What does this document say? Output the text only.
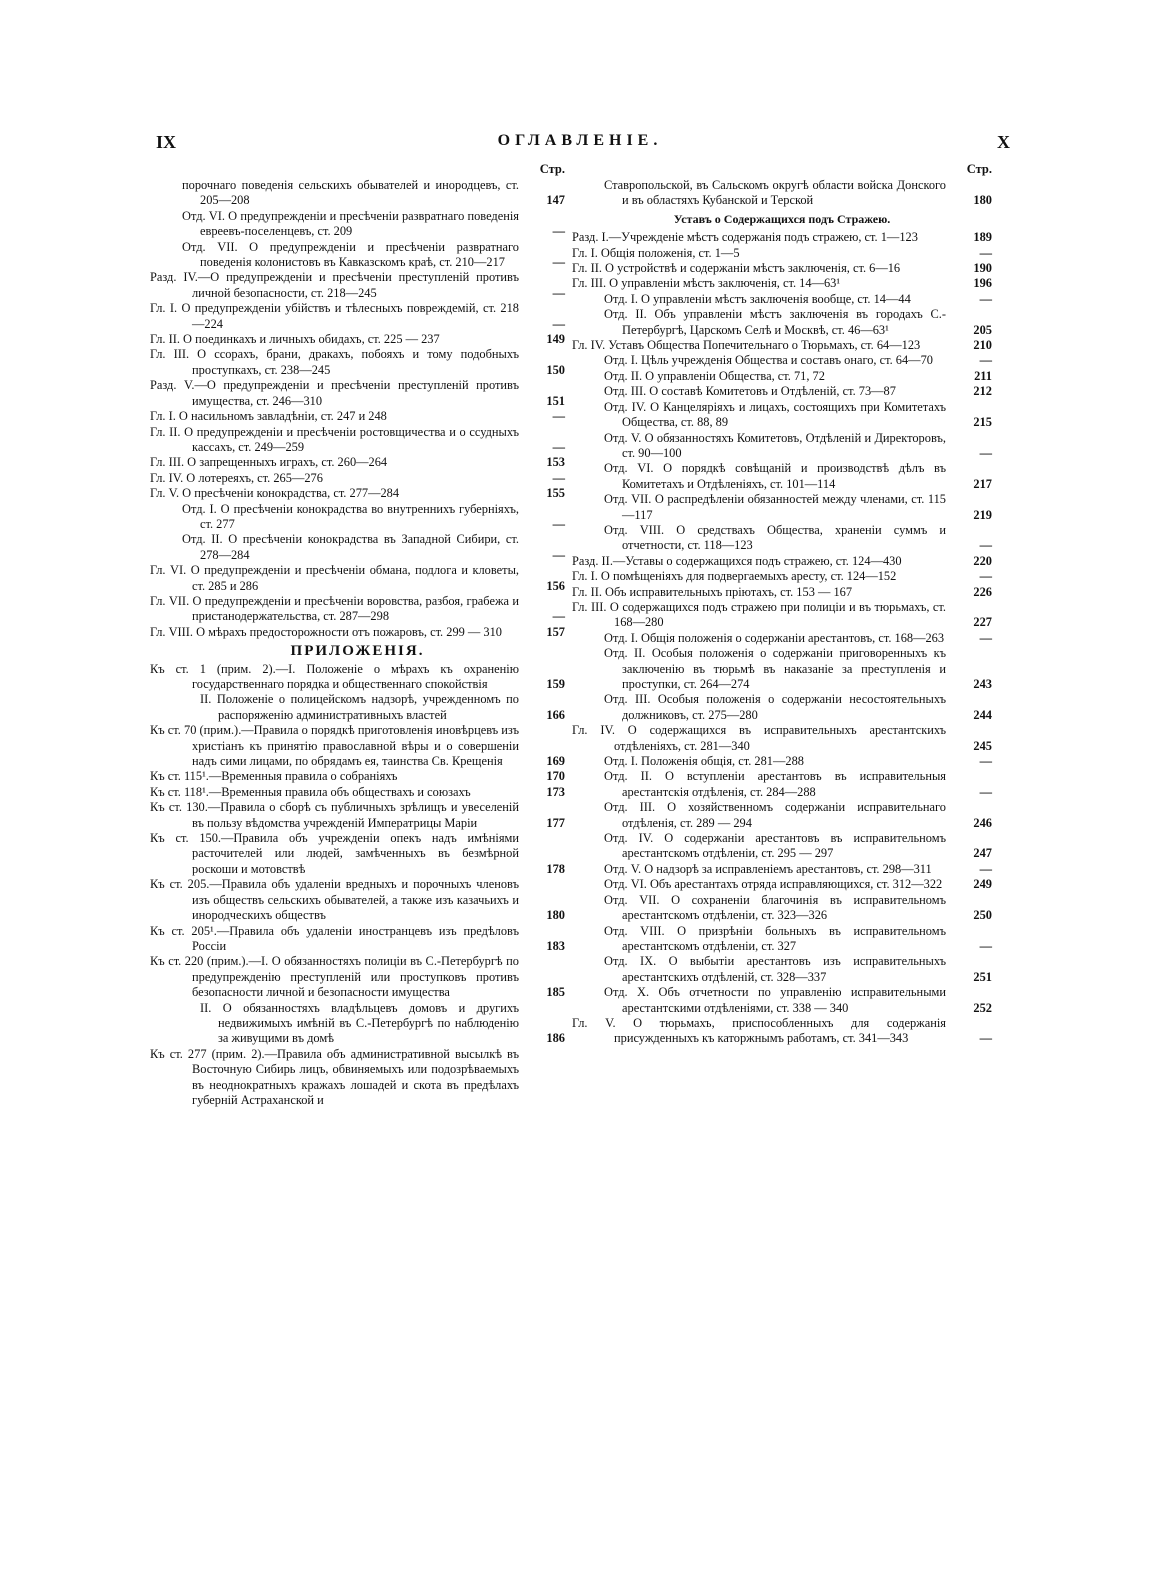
IX	ОГЛАВЛЕНІЕ.	X
Стр.
порочнаго поведенія сельскихъ обывателей и инородцевъ, ст. 205—208	147
Отд. VI. О предупрежденіи и пресѣченіи развратнаго поведенія евреевъ-поселенцевъ, ст. 209	—
Отд. VII. О предупрежденіи и пресѣченіи развратнаго поведенія колонистовъ въ Кавказскомъ краѣ, ст. 210—217	—
Разд. IV.—О предупрежденіи и пресѣченіи преступленій противъ личной безопасности, ст. 218—245	—
Гл. I. О предупрежденіи убійствъ и тѣлесныхъ повреждемій, ст. 218—224	—
Гл. II. О поединкахъ и личныхъ обидахъ, ст. 225 — 237	149
Гл. III. О ссорахъ, брани, дракахъ, побояхъ и тому подобныхъ проступкахъ, ст. 238—245	150
Разд. V.—О предупрежденіи и пресѣченіи преступленій противъ имущества, ст. 246—310	151
Гл. I. О насильномъ завладѣніи, ст. 247 и 248	—
Гл. II. О предупрежденіи и пресѣченіи ростовщичества и о ссудныхъ кассахъ, ст. 249—259	—
Гл. III. О запрещенныхъ играхъ, ст. 260—264	153
Гл. IV. О лотереяхъ, ст. 265—276	—
Гл. V. О пресѣченіи конокрадства, ст. 277—284	155
Отд. I. О пресѣченіи конокрадства во внутреннихъ губерніяхъ, ст. 277	—
Отд. II. О пресѣченіи конокрадства въ Западной Сибири, ст. 278—284	—
Гл. VI. О предупрежденіи и пресѣченіи обмана, подлога и кловеты, ст. 285 и 286	156
Гл. VII. О предупрежденіи и пресѣченіи воровства, разбоя, грабежа и пристанодержательства, ст. 287—298	—
Гл. VIII. О мѣрахъ предосторожности отъ пожаровъ, ст. 299 — 310	157
ПРИЛОЖЕНІЯ.
Къ ст. 1 (прим. 2).—I. Положеніе о мѣрахъ къ охраненію государственнаго порядка и общественнаго спокойствія	159
II. Положеніе о полицейскомъ надзорѣ, учрежденномъ по распоряженію административныхъ властей	166
Къ ст. 70 (прим.).—Правила о порядкѣ приготовленія иновѣрцевъ изъ христіанъ къ принятію православной вѣры и о совершеніи надъ сими лицами, по обрядамъ ея, таинства Св. Крещенія	169
Къ ст. 115¹.—Временныя правила о собраніяхъ	170
Къ ст. 118¹.—Временныя правила объ обществахъ и союзахъ	173
Къ ст. 130.—Правила о сборѣ съ публичныхъ зрѣлищъ и увеселеній въ пользу вѣдомства учрежденій Императрицы Маріи	177
Къ ст. 150.—Правила объ учрежденіи опекъ надъ имѣніями расточителей или людей, замѣченныхъ въ безмѣрной роскоши и мотовствѣ	178
Къ ст. 205.—Правила объ удаленіи вредныхъ и порочныхъ членовъ изъ обществъ сельскихъ обывателей, а также изъ казачьихъ и инородческихъ обществъ	180
Къ ст. 205¹.—Правила объ удаленіи иностранцевъ изъ предѣловъ Россіи	183
Къ ст. 220 (прим.).—I. О обязанностяхъ полиціи въ С.-Петербургѣ по предупрежденію преступленій или проступковъ противъ безопасности личной и безопасности имущества	185
II. О обязанностяхъ владѣльцевъ домовъ и другихъ недвижимыхъ имѣній въ С.-Петербургѣ по наблюденію за живущими въ домѣ	186
Къ ст. 277 (прим. 2).—Правила объ административной высылкѣ въ Восточную Сибирь лицъ, обвиняемыхъ или подозрѣваемыхъ въ неоднократныхъ кражахъ лошадей и скота въ предѣлахъ губерній Астраханской и
Стр.
Ставропольской, въ Сальскомъ округѣ области войска Донского и въ областяхъ Кубанской и Терской	180
Уставъ о Содержащихся подъ Стражею.
Разд. I.—Учрежденіе мѣстъ содержанія подъ стражею, ст. 1—123	189
Гл. I. Общія положенія, ст. 1—5	—
Гл. II. О устройствѣ и содержаніи мѣстъ заключенія, ст. 6—16	190
Гл. III. О управленіи мѣстъ заключенія, ст. 14—63¹	196
Отд. I. О управленіи мѣстъ заключенія вообще, ст. 14—44	—
Отд. II. Объ управленіи мѣстъ заключенія въ городахъ С.-Петербургѣ, Царскомъ Селѣ и Москвѣ, ст. 46—63¹	205
Гл. IV. Уставъ Общества Попечительнаго о Тюрьмахъ, ст. 64—123	210
Отд. I. Цѣль учрежденія Общества и составъ онаго, ст. 64—70	—
Отд. II. О управленіи Общества, ст. 71, 72	211
Отд. III. О составѣ Комитетовъ и Отдѣленій, ст. 73—87	212
Отд. IV. О Канцеляріяхъ и лицахъ, состоящихъ при Комитетахъ Общества, ст. 88, 89	215
Отд. V. О обязанностяхъ Комитетовъ, Отдѣленій и Директоровъ, ст. 90—100	—
Отд. VI. О порядкѣ совѣщаній и производствѣ дѣлъ въ Комитетахъ и Отдѣленіяхъ, ст. 101—114	217
Отд. VII. О распредѣленіи обязанностей между членами, ст. 115—117	219
Отд. VIII. О средствахъ Общества, храненіи суммъ и отчетности, ст. 118—123	—
Разд. II.—Уставы о содержащихся подъ стражею, ст. 124—430	220
Гл. I. О помѣщеніяхъ для подвергаемыхъ аресту, ст. 124—152	—
Гл. II. Объ исправительныхъ пріютахъ, ст. 153 — 167	226
Гл. III. О содержащихся подъ стражею при полиціи и въ тюрьмахъ, ст. 168—280	227
Отд. I. Общія положенія о содержаніи арестантовъ, ст. 168—263	—
Отд. II. Особыя положенія о содержаніи приговоренныхъ къ заключенію въ тюрьмѣ въ наказаніе за преступленія и проступки, ст. 264—274	243
Отд. III. Особыя положенія о содержаніи несостоятельныхъ должниковъ, ст. 275—280	244
Гл. IV. О содержащихся въ исправительныхъ арестантскихъ отдѣленіяхъ, ст. 281—340	245
Отд. I. Положенія общія, ст. 281—288	—
Отд. II. О вступленіи арестантовъ въ исправительныя арестантскія отдѣленія, ст. 284—288	—
Отд. III. О хозяйственномъ содержаніи исправительнаго отдѣленія, ст. 289 — 294	246
Отд. IV. О содержаніи арестантовъ въ исправительномъ арестантскомъ отдѣленіи, ст. 295 — 297	247
Отд. V. О надзорѣ за исправленіемъ арестантовъ, ст. 298—311	—
Отд. VI. Объ арестантахъ отряда исправляющихся, ст. 312—322	249
Отд. VII. О сохраненіи благочинія въ исправительномъ арестантскомъ отдѣленіи, ст. 323—326	250
Отд. VIII. О призрѣніи больныхъ въ исправительномъ арестантскомъ отдѣленіи, ст. 327	—
Отд. IX. О выбытіи арестантовъ изъ исправительныхъ арестантскихъ отдѣленій, ст. 328—337	251
Отд. X. Объ отчетности по управленію исправительными арестантскими отдѣленіями, ст. 338 — 340	252
Гл. V. О тюрьмахъ, приспособленныхъ для содержанія присужденныхъ къ каторжнымъ работамъ, ст. 341—343	—
